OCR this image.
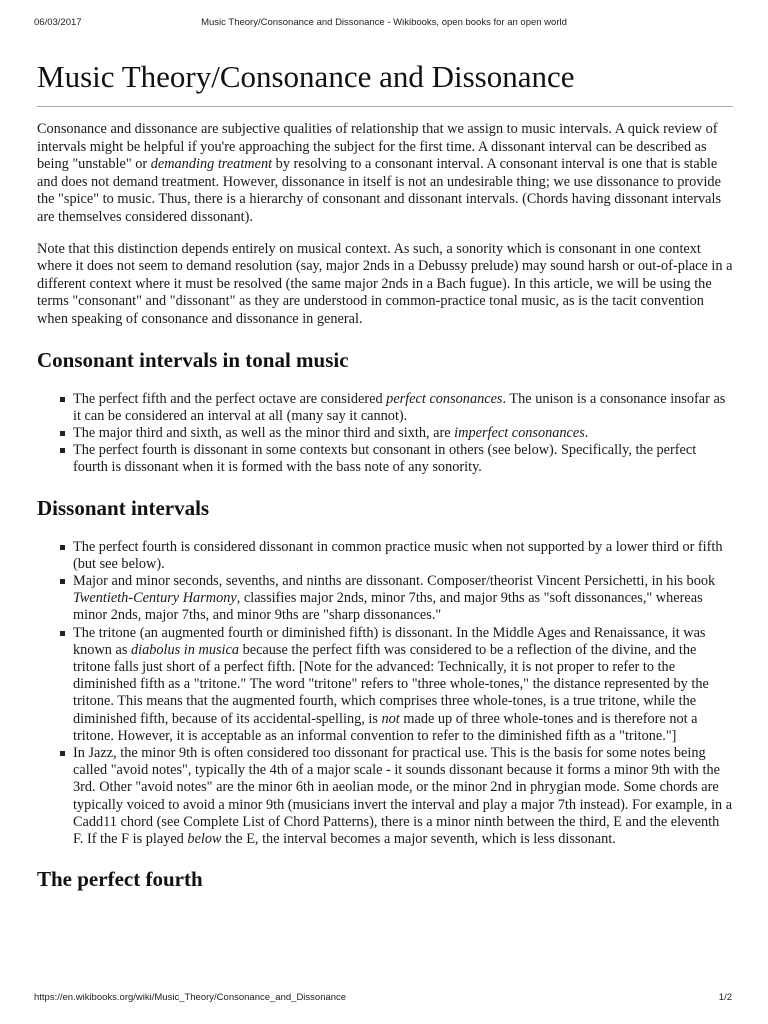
06/03/2017	Music Theory/Consonance and Dissonance - Wikibooks, open books for an open world
Music Theory/Consonance and Dissonance

Consonance and dissonance are subjective qualities of relationship that we assign to music intervals. A quick review of intervals might be helpful if you're approaching the subject for the first time. A dissonant interval can be described as being "unstable" or demanding treatment by resolving to a consonant interval. A consonant interval is one that is stable and does not demand treatment. However, dissonance in itself is not an undesirable thing; we use dissonance to provide the "spice" to music. Thus, there is a hierarchy of consonant and dissonant intervals. (Chords having dissonant intervals are themselves considered dissonant).

Note that this distinction depends entirely on musical context. As such, a sonority which is consonant in one context where it does not seem to demand resolution (say, major 2nds in a Debussy prelude) may sound harsh or out-of-place in a different context where it must be resolved (the same major 2nds in a Bach fugue). In this article, we will be using the terms "consonant" and "dissonant" as they are understood in common-practice tonal music, as is the tacit convention when speaking of consonance and dissonance in general.

Consonant intervals in tonal music
The perfect fifth and the perfect octave are considered perfect consonances. The unison is a consonance insofar as it can be considered an interval at all (many say it cannot).
The major third and sixth, as well as the minor third and sixth, are imperfect consonances.
The perfect fourth is dissonant in some contexts but consonant in others (see below). Specifically, the perfect fourth is dissonant when it is formed with the bass note of any sonority.
Dissonant intervals
The perfect fourth is considered dissonant in common practice music when not supported by a lower third or fifth (but see below).
Major and minor seconds, sevenths, and ninths are dissonant. Composer/theorist Vincent Persichetti, in his book Twentieth-Century Harmony, classifies major 2nds, minor 7ths, and major 9ths as "soft dissonances," whereas minor 2nds, major 7ths, and minor 9ths are "sharp dissonances."
The tritone (an augmented fourth or diminished fifth) is dissonant. In the Middle Ages and Renaissance, it was known as diabolus in musica because the perfect fifth was considered to be a reflection of the divine, and the tritone falls just short of a perfect fifth. [Note for the advanced: Technically, it is not proper to refer to the diminished fifth as a "tritone." The word "tritone" refers to "three whole-tones," the distance represented by the tritone. This means that the augmented fourth, which comprises three whole-tones, is a true tritone, while the diminished fifth, because of its accidental-spelling, is not made up of three whole-tones and is therefore not a tritone. However, it is acceptable as an informal convention to refer to the diminished fifth as a "tritone."]
In Jazz, the minor 9th is often considered too dissonant for practical use. This is the basis for some notes being called "avoid notes", typically the 4th of a major scale - it sounds dissonant because it forms a minor 9th with the 3rd. Other "avoid notes" are the minor 6th in aeolian mode, or the minor 2nd in phrygian mode. Some chords are typically voiced to avoid a minor 9th (musicians invert the interval and play a major 7th instead). For example, in a Cadd11 chord (see Complete List of Chord Patterns), there is a minor ninth between the third, E and the eleventh F. If the F is played below the E, the interval becomes a major seventh, which is less dissonant.
The perfect fourth
https://en.wikibooks.org/wiki/Music_Theory/Consonance_and_Dissonance	1/2
